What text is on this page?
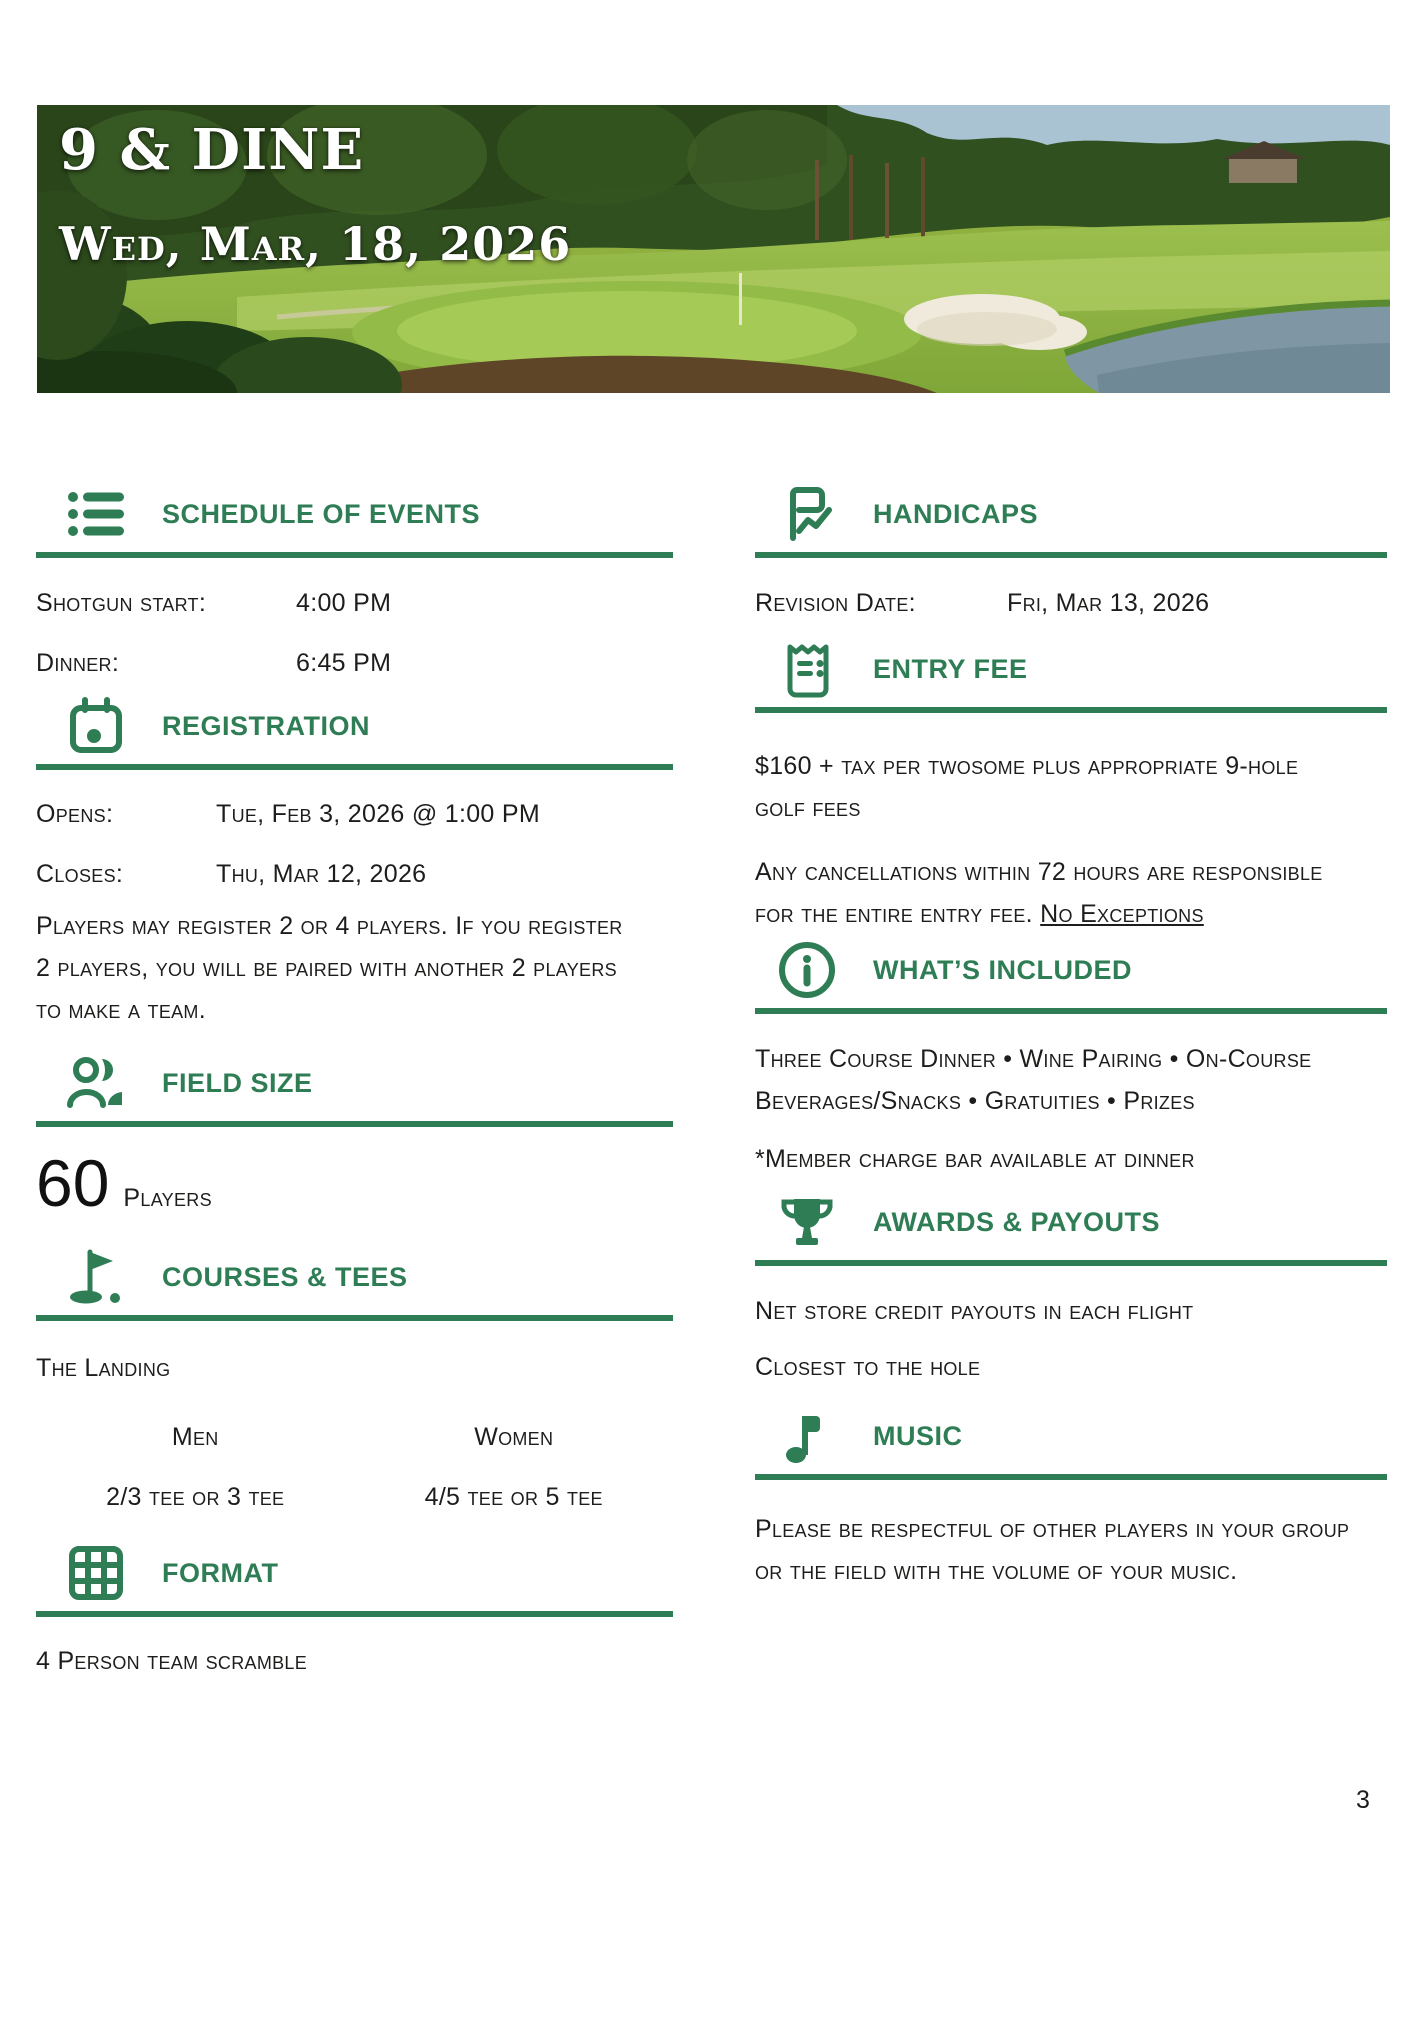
9 & DINE
Wed, Mar, 18, 2026
SCHEDULE OF EVENTS
Shotgun start:	4:00 PM
Dinner:	6:45 PM
REGISTRATION
Opens:	Tue, Feb 3, 2026 @ 1:00 PM
Closes:	Thu, Mar 12, 2026
Players may register 2 or 4 players. If you register
2 players, you will be paired with another 2 players
to make a team.
FIELD SIZE
60 Players
COURSES & TEES
The Landing
Men	Women
2/3 tee or 3 tee	4/5 tee or 5 tee
FORMAT
4 Person team scramble
HANDICAPS
Revision Date:	Fri, Mar 13, 2026
ENTRY FEE
$160 + tax per twosome plus appropriate 9-hole
golf fees
Any cancellations within 72 hours are responsible
for the entire entry fee. No Exceptions
WHAT’S INCLUDED
Three Course Dinner • Wine Pairing • On-Course
Beverages/Snacks • Gratuities • Prizes
*Member charge bar available at dinner
AWARDS & PAYOUTS
Net store credit payouts in each flight
Closest to the hole
MUSIC
Please be respectful of other players in your group
or the field with the volume of your music.
3
